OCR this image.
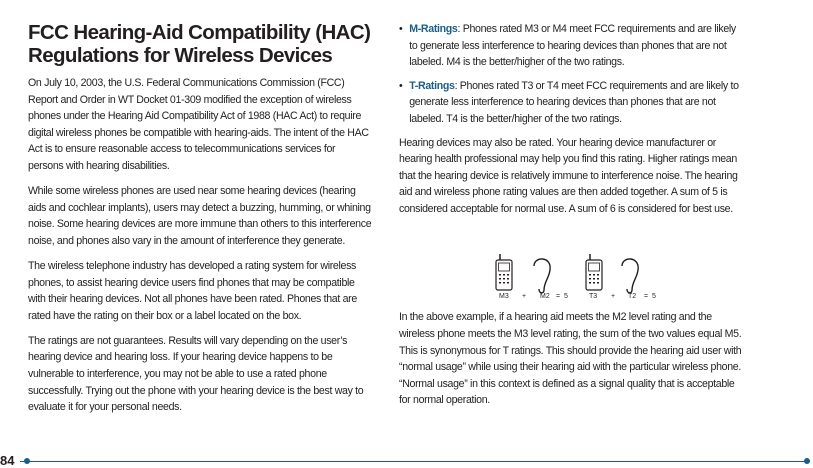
FCC Hearing-Aid Compatibility (HAC) Regulations for Wireless Devices

On July 10, 2003, the U.S. Federal Communications Commission (FCC) Report and Order in WT Docket 01-309 modified the exception of wireless phones under the Hearing Aid Compatibility Act of 1988 (HAC Act) to require digital wireless phones be compatible with hearing-aids. The intent of the HAC Act is to ensure reasonable access to telecommunications services for persons with hearing disabilities.

While some wireless phones are used near some hearing devices (hearing aids and cochlear implants), users may detect a buzzing, humming, or whining noise. Some hearing devices are more immune than others to this interference noise, and phones also vary in the amount of interference they generate.

The wireless telephone industry has developed a rating system for wireless phones, to assist hearing device users find phones that may be compatible with their hearing devices. Not all phones have been rated. Phones that are rated have the rating on their box or a label located on the box.

The ratings are not guarantees. Results will vary depending on the user’s hearing device and hearing loss. If your hearing device happens to be vulnerable to interference, you may not be able to use a rated phone successfully. Trying out the phone with your hearing device is the best way to evaluate it for your personal needs.

• M-Ratings: Phones rated M3 or M4 meet FCC requirements and are likely to generate less interference to hearing devices than phones that are not labeled. M4 is the better/higher of the two ratings.
• T-Ratings: Phones rated T3 or T4 meet FCC requirements and are likely to generate less interference to hearing devices than phones that are not labeled. T4 is the better/higher of the two ratings.

Hearing devices may also be rated. Your hearing device manufacturer or hearing health professional may help you find this rating. Higher ratings mean that the hearing device is relatively immune to interference noise. The hearing aid and wireless phone rating values are then added together. A sum of 5 is considered acceptable for normal use. A sum of 6 is considered for best use.

M3 + M2 = 5	T3 + T2 = 5

In the above example, if a hearing aid meets the M2 level rating and the wireless phone meets the M3 level rating, the sum of the two values equal M5. This is synonymous for T ratings. This should provide the hearing aid user with “normal usage” while using their hearing aid with the particular wireless phone. “Normal usage” in this context is defined as a signal quality that is acceptable for normal operation.

84
